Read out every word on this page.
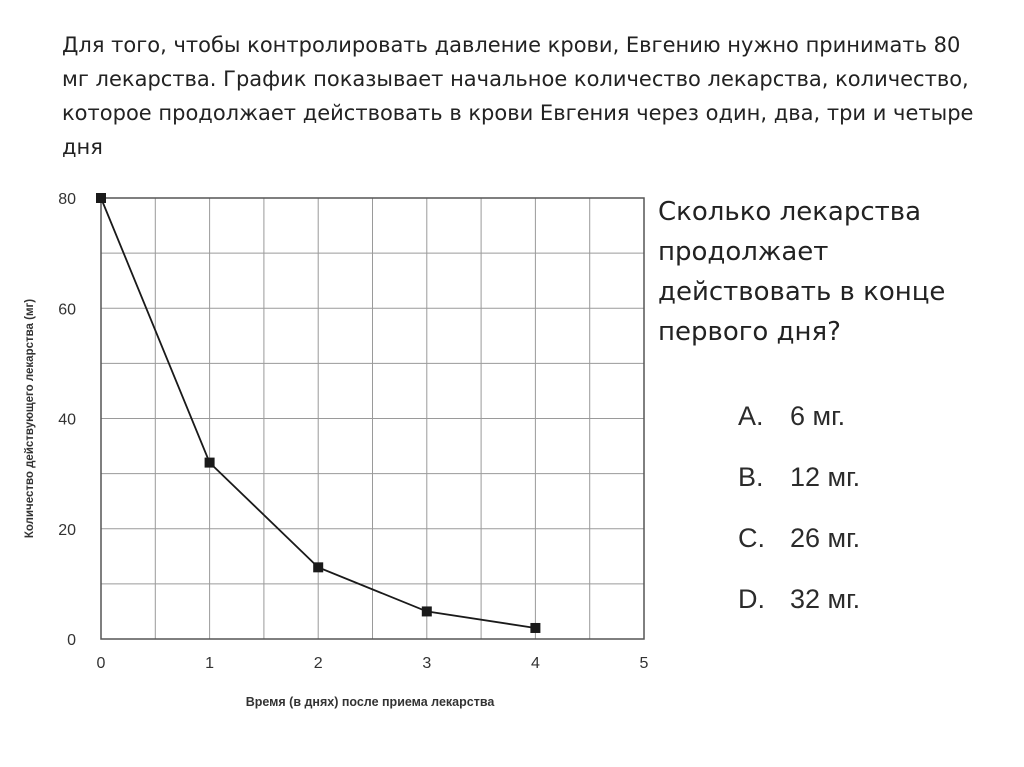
Для того, чтобы контролировать давление крови, Евгению нужно принимать 80 мг лекарства. График показывает начальное количество лекарства, количество, которое продолжает действовать в крови Евгения через один, два, три и четыре дня

0
20
40
60
80
0	1	2	3	4	5
Количество действующего лекарства (мг)
Время (в днях) после приема лекарства

Сколько лекарства продолжает действовать в конце первого дня?

A. 6 мг.
B. 12 мг.
C. 26 мг.
D. 32 мг.
